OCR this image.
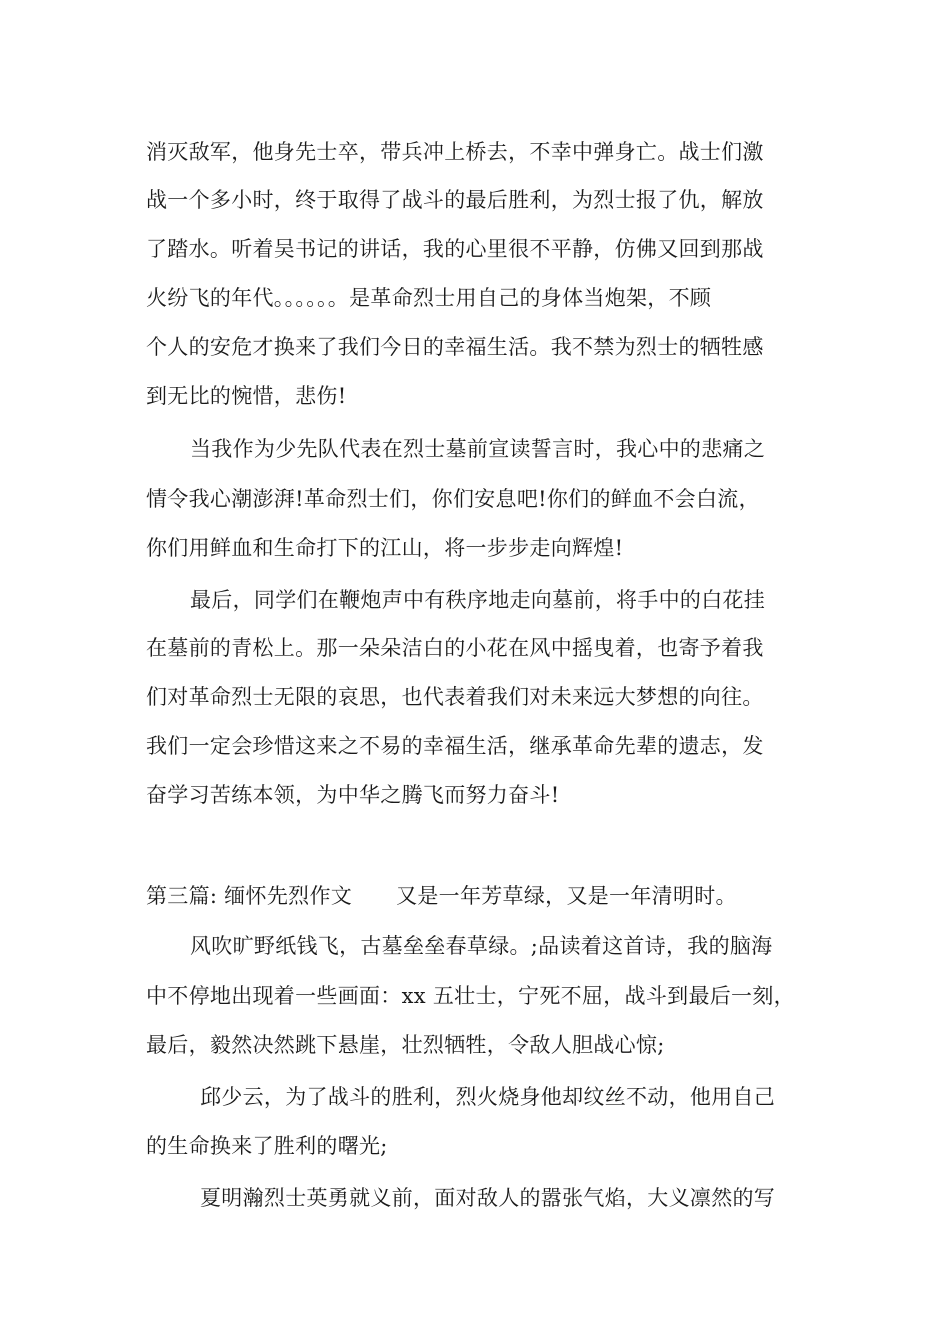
消灭敌军，他身先士卒，带兵冲上桥去，不幸中弹身亡。战士们激
战一个多小时，终于取得了战斗的最后胜利，为烈士报了仇，解放
了踏水。听着吴书记的讲话，我的心里很不平静，仿佛又回到那战
火纷飞的年代。。。。。。是革命烈士用自己的身体当炮架，不顾
个人的安危才换来了我们今日的幸福生活。我不禁为烈士的牺牲感
到无比的惋惜，悲伤!
当我作为少先队代表在烈士墓前宣读誓言时，我心中的悲痛之
情令我心潮澎湃!革命烈士们，你们安息吧!你们的鲜血不会白流，
你们用鲜血和生命打下的江山，将一步步走向辉煌!
最后，同学们在鞭炮声中有秩序地走向墓前，将手中的白花挂
在墓前的青松上。那一朵朵洁白的小花在风中摇曳着，也寄予着我
们对革命烈士无限的哀思，也代表着我们对未来远大梦想的向往。
我们一定会珍惜这来之不易的幸福生活，继承革命先辈的遗志，发
奋学习苦练本领，为中华之腾飞而努力奋斗!
第三篇: 缅怀先烈作文 又是一年芳草绿，又是一年清明时。
风吹旷野纸钱飞，古墓垒垒春草绿。;品读着这首诗，我的脑海
中不停地出现着一些画面：xx 五壮士，宁死不屈，战斗到最后一刻，
最后，毅然决然跳下悬崖，壮烈牺牲，令敌人胆战心惊;
邱少云，为了战斗的胜利，烈火烧身他却纹丝不动，他用自己
的生命换来了胜利的曙光;
夏明瀚烈士英勇就义前，面对敌人的嚣张气焰，大义凛然的写
